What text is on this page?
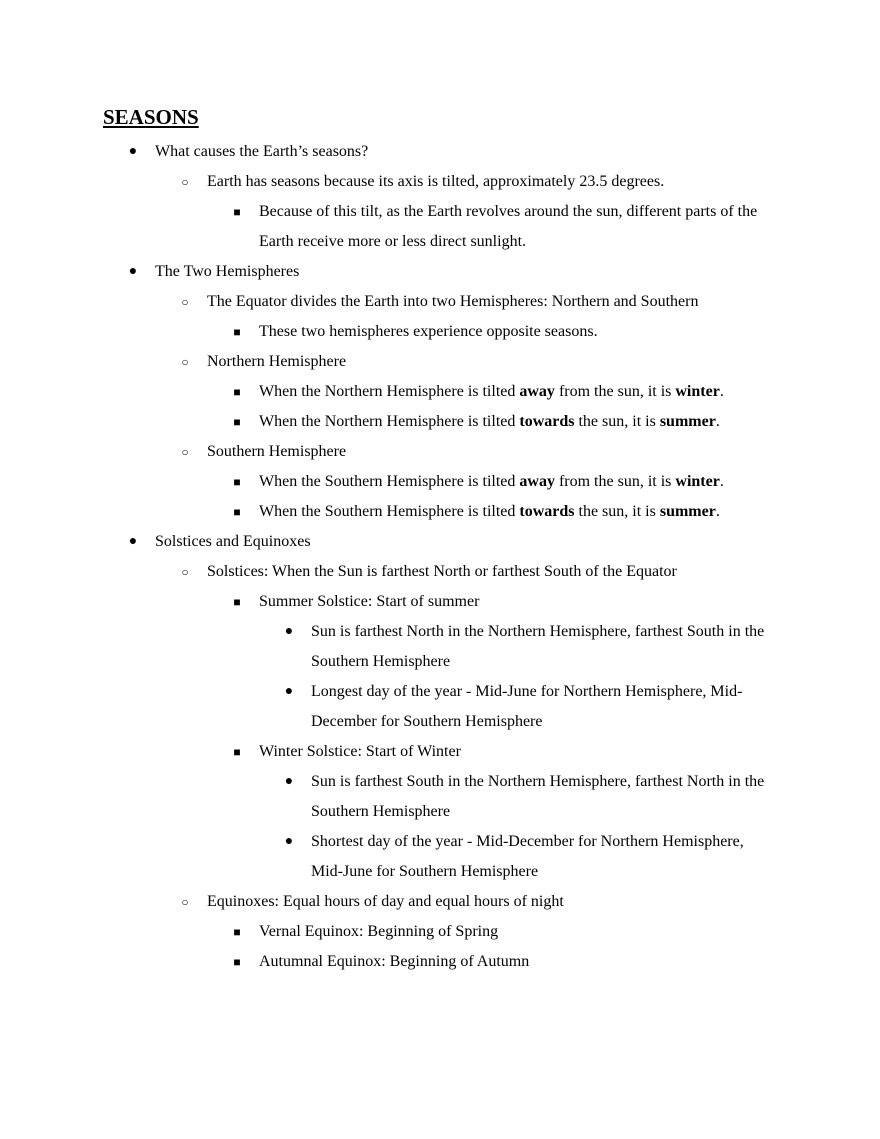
SEASONS
●	What causes the Earth’s seasons?
○	Earth has seasons because its axis is tilted, approximately 23.5 degrees.
■	Because of this tilt, as the Earth revolves around the sun, different parts of the Earth receive more or less direct sunlight.
●	The Two Hemispheres
○	The Equator divides the Earth into two Hemispheres: Northern and Southern
■	These two hemispheres experience opposite seasons.
○	Northern Hemisphere
■	When the Northern Hemisphere is tilted away from the sun, it is winter.
■	When the Northern Hemisphere is tilted towards the sun, it is summer.
○	Southern Hemisphere
■	When the Southern Hemisphere is tilted away from the sun, it is winter.
■	When the Southern Hemisphere is tilted towards the sun, it is summer.
●	Solstices and Equinoxes
○	Solstices: When the Sun is farthest North or farthest South of the Equator
■	Summer Solstice: Start of summer
●	Sun is farthest North in the Northern Hemisphere, farthest South in the Southern Hemisphere
●	Longest day of the year - Mid-June for Northern Hemisphere, Mid-December for Southern Hemisphere
■	Winter Solstice: Start of Winter
●	Sun is farthest South in the Northern Hemisphere, farthest North in the Southern Hemisphere
●	Shortest day of the year - Mid-December for Northern Hemisphere, Mid-June for Southern Hemisphere
○	Equinoxes: Equal hours of day and equal hours of night
■	Vernal Equinox: Beginning of Spring
■	Autumnal Equinox: Beginning of Autumn
